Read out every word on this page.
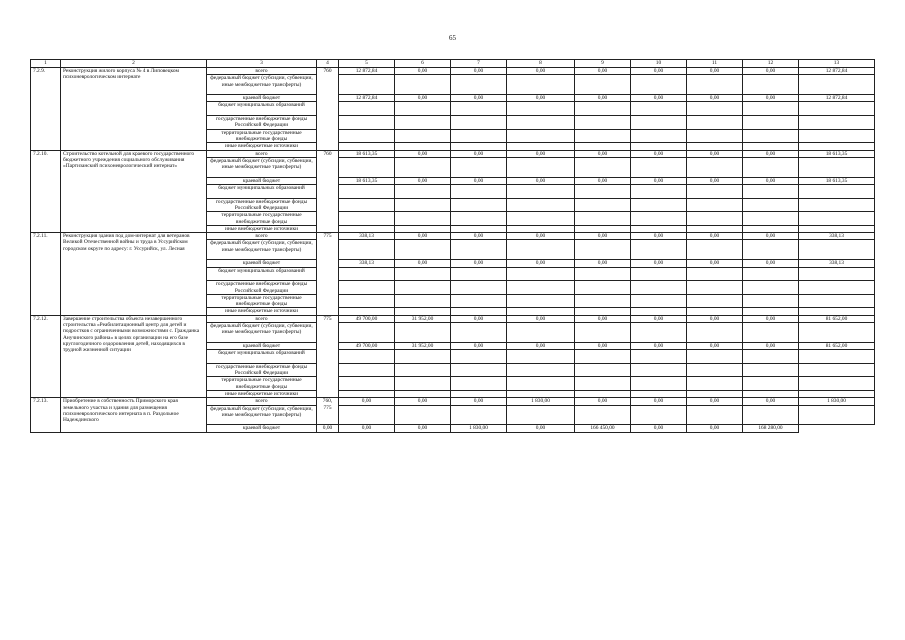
65
1	2	3	4	5	6	7	8	9	10	11	12	13
7.2.9.	Реконструкция жилого корпуса № 4 в Липовецком психоневрологическом интернате	всего	760	12 872,84	0,00	0,00	0,00	0,00	0,00	0,00	0,00	12 872,84
		федеральный бюджет (субсидии, субвенции, иные межбюджетные трансферты)										
		краевой бюджет		12 872,84	0,00	0,00	0,00	0,00	0,00	0,00	0,00	12 872,84
		бюджет муниципальных образований										
		государственные внебюджетные фонды Российской Федерации										
		территориальные государственные внебюджетные фонды										
		иные внебюджетные источники										
7.2.10.	Строительство котельной для краевого государственного бюджетного учреждения социального обслуживания «Партизанский психоневрологический интернат»	всего	760	18 613,35	0,00	0,00	0,00	0,00	0,00	0,00	0,00	18 613,35
		федеральный бюджет (субсидии, субвенции, иные межбюджетные трансферты)										
		краевой бюджет		18 613,35	0,00	0,00	0,00	0,00	0,00	0,00	0,00	18 613,35
		бюджет муниципальных образований										
		государственные внебюджетные фонды Российской Федерации										
		территориальные государственные внебюджетные фонды										
		иные внебюджетные источники										
7.2.11.	Реконструкция здания под дом-интернат для ветеранов Великой Отечественной войны и труда в Уссурийском городском округе по адресу: г. Уссурийск, ул. Лесная	всего	775	338,13	0,00	0,00	0,00	0,00	0,00	0,00	0,00	338,13
		федеральный бюджет (субсидии, субвенции, иные межбюджетные трансферты)										
		краевой бюджет		338,13	0,00	0,00	0,00	0,00	0,00	0,00	0,00	338,13
		бюджет муниципальных образований										
		государственные внебюджетные фонды Российской Федерации										
		территориальные государственные внебюджетные фонды										
		иные внебюджетные источники										
7.2.12.	Завершение строительства объекта незавершенного строительства «Реабилитационный центр для детей и подростков с ограниченными возможностями с. Гражданка Анучинского района» в целях организации на его базе круглогодичного оздоровления детей, находящихся в трудной жизненной ситуации	всего	775	49 700,00	31 952,00	0,00	0,00	0,00	0,00	0,00	0,00	81 652,00
		федеральный бюджет (субсидии, субвенции, иные межбюджетные трансферты)										
		краевой бюджет		49 700,00	31 952,00	0,00	0,00	0,00	0,00	0,00	0,00	81 652,00
		бюджет муниципальных образований										
		государственные внебюджетные фонды Российской Федерации										
		территориальные государственные внебюджетные фонды										
		иные внебюджетные источники										
7.2.13.	Приобретение в собственность Приморского края земельного участка и здания для размещения психоневрологического интерната в п. Раздольное Надеждинского	всего	760, 775	0,00	0,00	0,00	1 830,00	0,00	0,00	0,00	0,00	1 830,00
		федеральный бюджет (субсидии, субвенции, иные межбюджетные трансферты)										
		краевой бюджет	0,00	0,00	0,00	1 830,00	0,00	166 450,00	0,00	0,00	168 280,00	
